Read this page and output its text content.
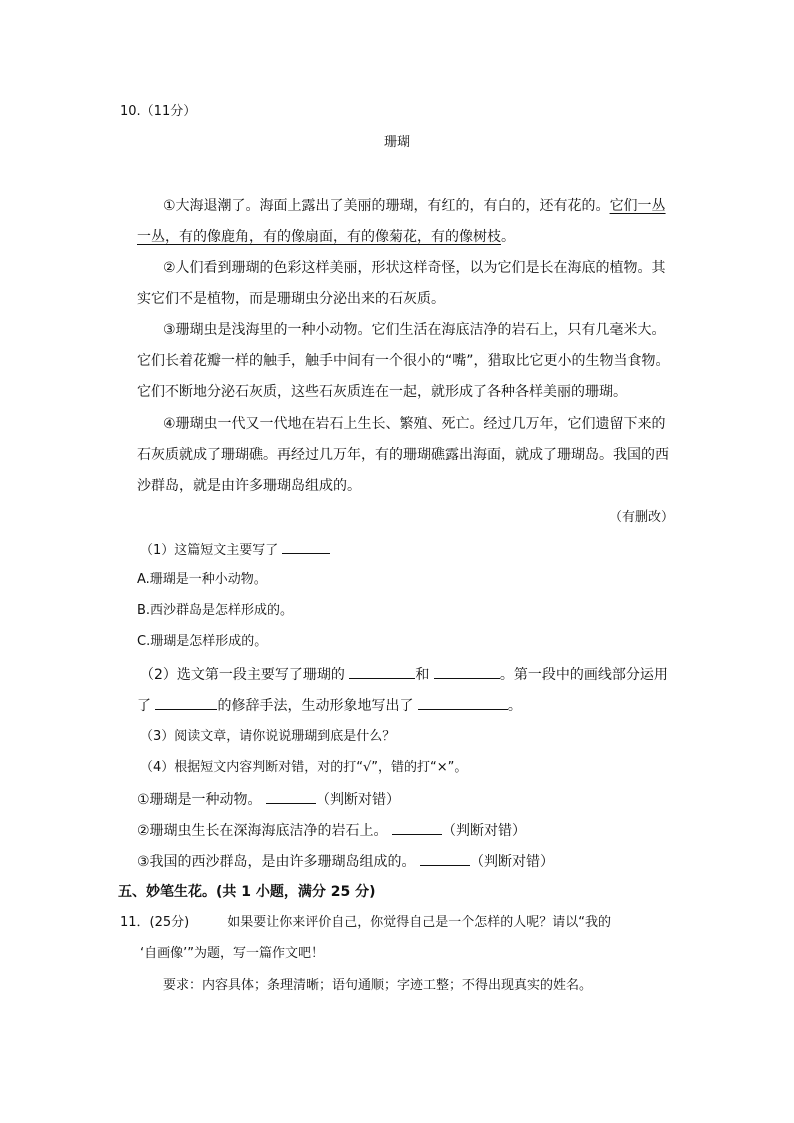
10.（11分）
珊瑚
①大海退潮了。海面上露出了美丽的珊瑚，有红的，有白的，还有花的。它们一丛
一丛，有的像鹿角，有的像扇面，有的像菊花，有的像树枝。
②人们看到珊瑚的色彩这样美丽，形状这样奇怪，以为它们是长在海底的植物。其
实它们不是植物，而是珊瑚虫分泌出来的石灰质。
③珊瑚虫是浅海里的一种小动物。它们生活在海底洁净的岩石上，只有几毫米大。
它们长着花瓣一样的触手，触手中间有一个很小的“嘴”，猎取比它更小的生物当食物。
它们不断地分泌石灰质，这些石灰质连在一起，就形成了各种各样美丽的珊瑚。
④珊瑚虫一代又一代地在岩石上生长、繁殖、死亡。经过几万年，它们遗留下来的
石灰质就成了珊瑚礁。再经过几万年，有的珊瑚礁露出海面，就成了珊瑚岛。我国的西
沙群岛，就是由许多珊瑚岛组成的。
（有删改）
（1）这篇短文主要写了
A.珊瑚是一种小动物。
B.西沙群岛是怎样形成的。
C.珊瑚是怎样形成的。
（2）选文第一段主要写了珊瑚的	和	。第一段中的画线部分运用
了	的修辞手法，生动形象地写出了	。
（3）阅读文章，请你说说珊瑚到底是什么？
（4）根据短文内容判断对错，对的打“√”，错的打“×”。
①珊瑚是一种动物。	（判断对错）
②珊瑚虫生长在深海海底洁净的岩石上。	（判断对错）
③我国的西沙群岛，是由许多珊瑚岛组成的。	（判断对错）
五、妙笔生花。(共 1 小题，满分 25 分)
11．(25分)	如果要让你来评价自己，你觉得自己是一个怎样的人呢？请以“我的
‘自画像’”为题，写一篇作文吧！
要求：内容具体；条理清晰；语句通顺；字迹工整；不得出现真实的姓名。
